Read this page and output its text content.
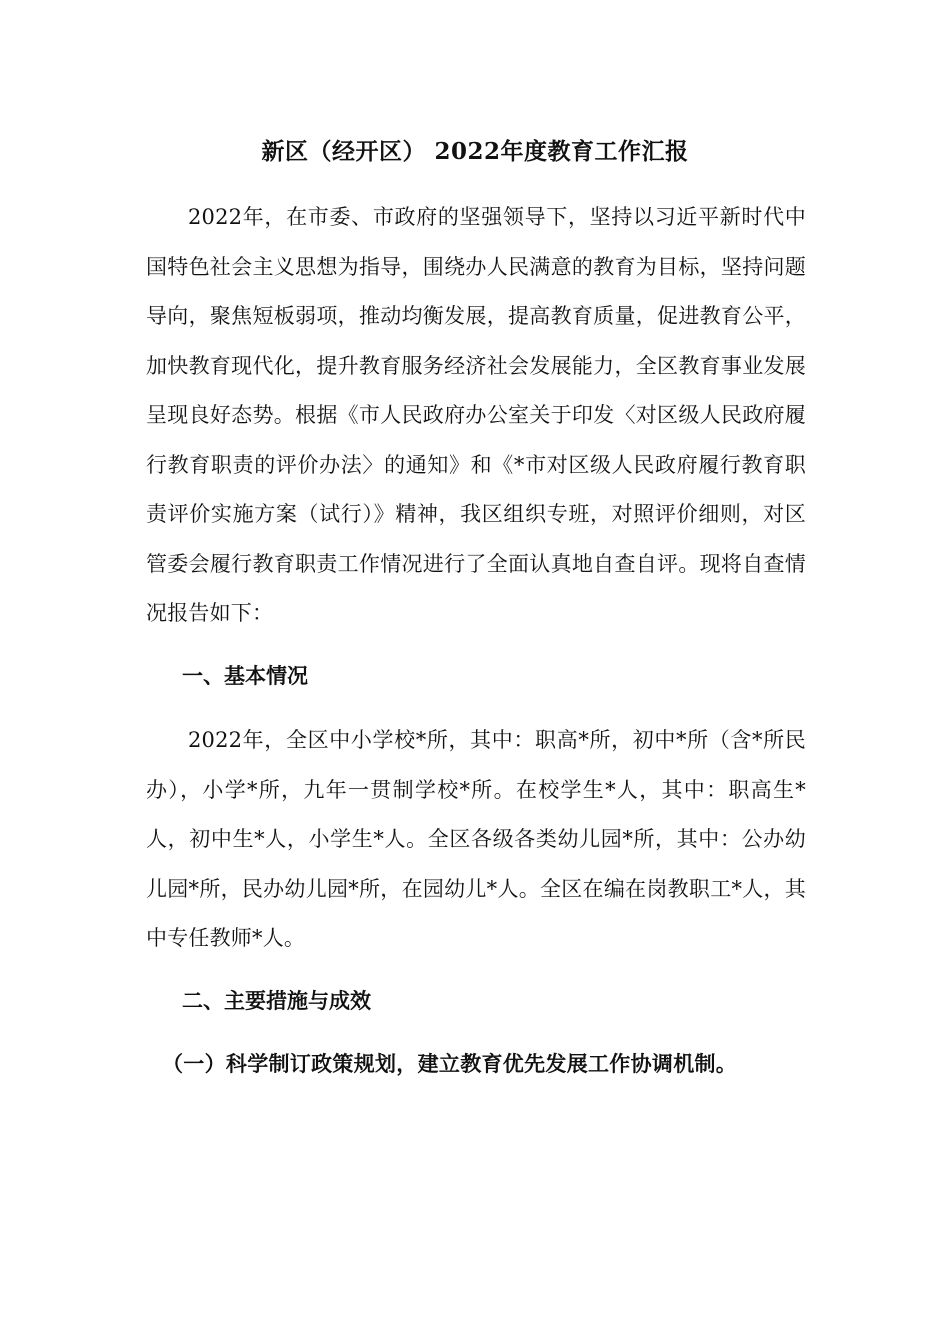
新区（经开区） 2022年度教育工作汇报

2022年，在市委、市政府的坚强领导下，坚持以习近平新时代中国特色社会主义思想为指导，围绕办人民满意的教育为目标，坚持问题导向，聚焦短板弱项，推动均衡发展，提高教育质量，促进教育公平，加快教育现代化，提升教育服务经济社会发展能力，全区教育事业发展呈现良好态势。根据《市人民政府办公室关于印发〈对区级人民政府履行教育职责的评价办法〉的通知》和《*市对区级人民政府履行教育职责评价实施方案（试行）》精神，我区组织专班，对照评价细则，对区管委会履行教育职责工作情况进行了全面认真地自查自评。现将自查情况报告如下：

一、基本情况

2022年，全区中小学校*所，其中：职高*所，初中*所（含*所民办），小学*所，九年一贯制学校*所。在校学生*人，其中：职高生*人，初中生*人，小学生*人。全区各级各类幼儿园*所，其中：公办幼儿园*所，民办幼儿园*所，在园幼儿*人。全区在编在岗教职工*人，其中专任教师*人。

二、主要措施与成效
（一）科学制订政策规划，建立教育优先发展工作协调机制。
